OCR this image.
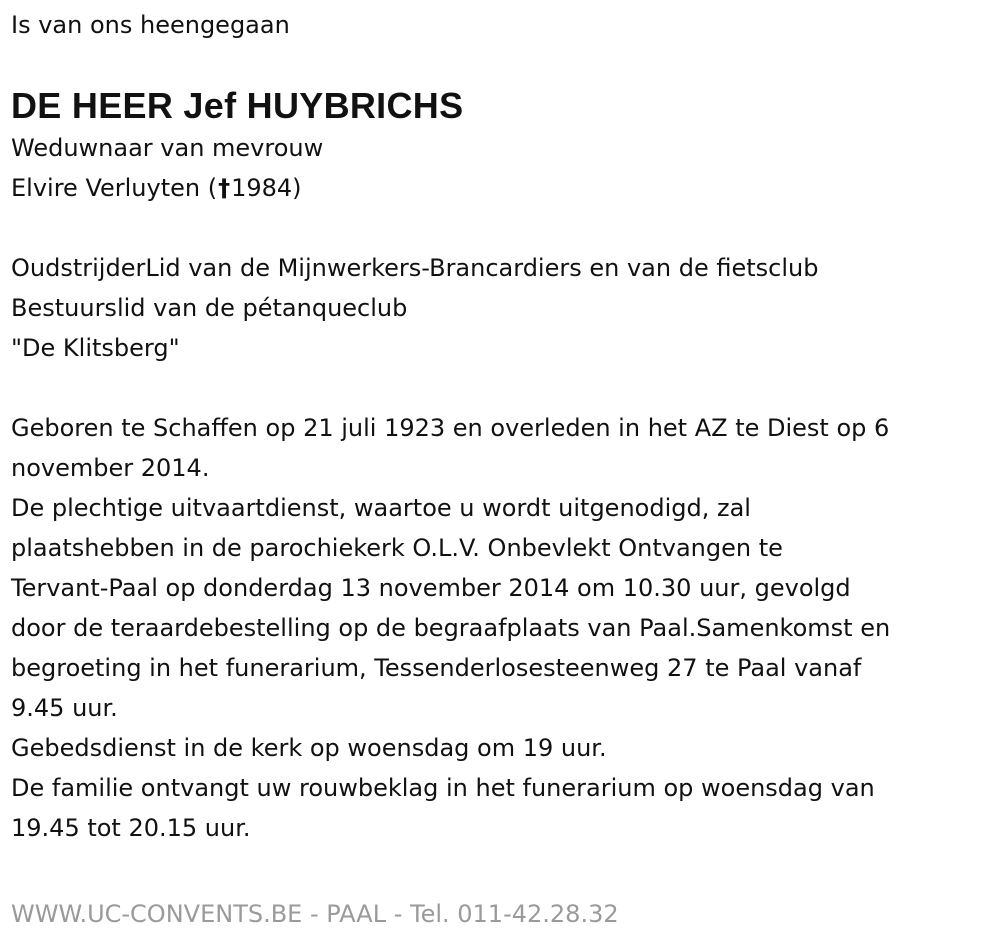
Is van ons heengegaan
DE HEER Jef HUYBRICHS
Weduwnaar van mevrouw
Elvire Verluyten (†1984)
OudstrijderLid van de Mijnwerkers-Brancardiers en van de fietsclub
Bestuurslid van de pétanqueclub
"De Klitsberg"
Geboren te Schaffen op 21 juli 1923 en overleden in het AZ te Diest op 6
november 2014.
De plechtige uitvaartdienst, waartoe u wordt uitgenodigd, zal
plaatshebben in de parochiekerk O.L.V. Onbevlekt Ontvangen te
Tervant-Paal op donderdag 13 november 2014 om 10.30 uur, gevolgd
door de teraardebestelling op de begraafplaats van Paal.Samenkomst en
begroeting in het funerarium, Tessenderlosesteenweg 27 te Paal vanaf
9.45 uur.
Gebedsdienst in de kerk op woensdag om 19 uur.
De familie ontvangt uw rouwbeklag in het funerarium op woensdag van
19.45 tot 20.15 uur.
WWW.UC-CONVENTS.BE - PAAL - Tel. 011-42.28.32
